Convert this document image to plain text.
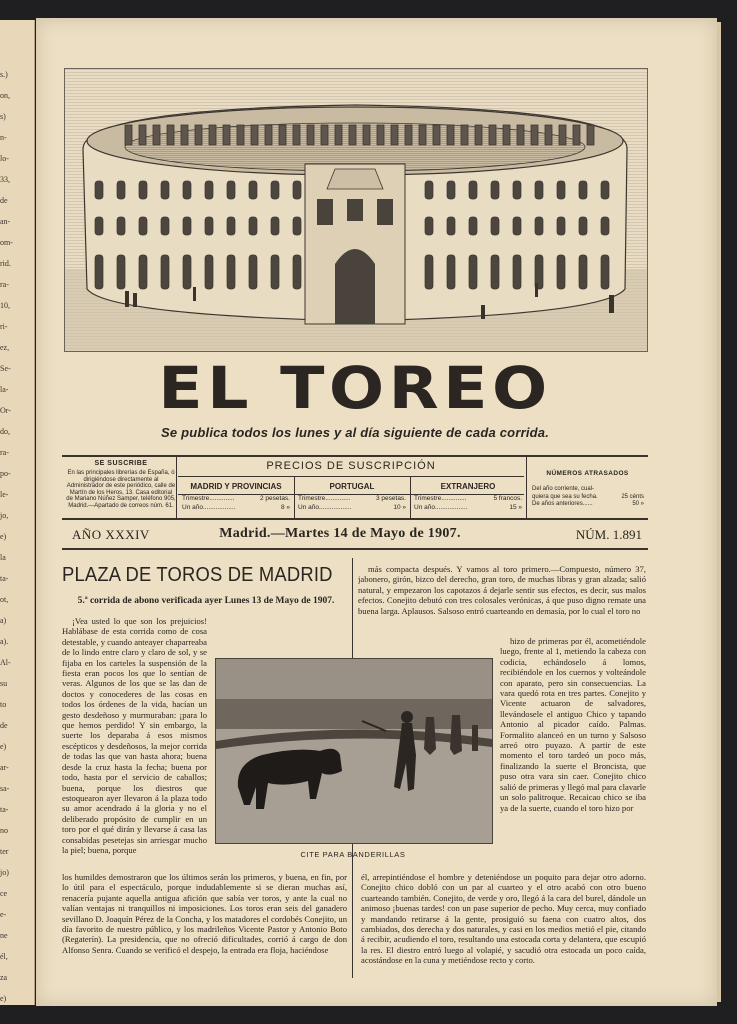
s.)
on,
s)
n-
lo-
33,
de
an-
om-
rid.
ra-
10,
ri-
ez,
Se-
la-
Or-
do,
ra-
po-
le-
jo,
e)
la
ta-
ot,
a)
a).
Al-
su
to
de
e)
ar-
sa-
ta-
no
ter
jo)
ce
e-
ne
él,
za
e)
EL TOREO
Se publica todos los lunes y al día siguiente de cada corrida.
SE SUSCRIBE
En las principales librerías de España, ó dirigiéndose directamente al Administrador de este periódico, calle de Martín de los Heros, 13. Casa editorial de Mariano Núñez Samper, teléfono 905, Madrid.—Apartado de correos núm. 61.
PRECIOS DE SUSCRIPCIÓN
MADRID Y PROVINCIAS
Trimestre..............	2 pesetas.
Un año..................	8 »
PORTUGAL
Trimestre..............	3 pesetas.
Un año..................	10 »
EXTRANJERO
Trimestre..............	5 francos.
Un año..................	15 »
NÚMEROS ATRASADOS
Del año corriente, cual-
quiera que sea su fecha.	25 cénts
De años anteriores......	50 »
AÑO XXXIV	Madrid.—Martes 14 de Mayo de 1907.	NÚM. 1.891
PLAZA DE TOROS DE MADRID
5.ª corrida de abono verificada ayer Lunes 13 de Mayo de 1907.

¡Vea usted lo que son los prejuicios! Hablábase de esta corrida como de cosa detestable, y cuando anteayer chaparreaba de lo lindo entre claro y claro de sol, y se fijaba en los carteles la suspensión de la fiesta eran pocos los que lo sentían de veras. Algunos de los que se las dan de doctos y conocederes de las cosas en todos los órdenes de la vida, hacían un gesto desdeñoso y murmuraban: ¡para lo que hemos perdido! Y sin embargo, la suerte los deparaba á esos mismos escépticos y desdeñosos, la mejor corrida de todas las que van hasta ahora; buena desde la cruz hasta la fecha; buena por todo, hasta por el servicio de caballos; buena, porque los diestros que estoquearon ayer llevaron á la plaza todo su amor acendrado á la gloria y no el deliberado propósito de cumplir en un toro por el qué dirán y llevarse á casa las consabidas pesetejas sin arriesgar mucho la piel; buena, porque

los humildes demostraron que los últimos serán los primeros, y buena, en fin, por lo útil para el espectáculo, porque indudablemente si se dieran muchas así, renacería pujante aquella antigua afición que sabía ver toros, y ante la cual no valían ventajas ni tranquillos ni imposiciones. Los toros eran seis del ganadero sevillano D. Joaquín Pérez de la Concha, y los matadores el cordobés Conejito, un día favorito de nuestro público, y los madrileños Vicente Pastor y Antonio Boto (Regaterín). La presidencia, que no ofreció dificultades, corrió á cargo de don Alfonso Senra. Cuando se verificó el despejo, la entrada era floja, haciéndose

él, arrepintiéndose el hombre y deteniéndose un poquito para dejar otro adorno. Conejito chico dobló con un par al cuarteo y el otro acabó con otro bueno cuarteando también. Conejito, de verde y oro, llegó á la cara del burel, dándole un animoso ¡buenas tardes! con un pase superior de pecho. Muy cerca, muy confiado y mandando retirarse á la gente, prosiguió su faena con cuatro altos, dos cambiados, dos derecha y dos naturales, y casi en los medios metió el pie, citando á recibir, acudiendo el toro, resultando una estocada corta y delantera, que escupió la res. El diestro entró luego al volapié, y sacudió otra estocada un poco caída, acostándose en la cuna y metiéndose recto y corto.

más compacta después. Y vamos al toro primero.—Compuesto, número 37, jabonero, girón, bizco del derecho, gran toro, de muchas libras y gran alzada; salió natural, y empezaron los capotazos á dejarle sentir sus efectos, es decir, sus malos efectos. Conejito debutó con tres colosales verónicas, á que puso digno remate una buena larga. Aplausos. Salsoso entró cuarteando en demasía, por lo cual el toro no

hizo de primeras por él, acometiéndole luego, frente al 1, metiendo la cabeza con codicia, echándoselo á lomos, recibiéndole en los cuernos y volteándole con aparato, pero sin consecuencias. La vara quedó rota en tres partes. Conejito y Vicente actuaron de salvadores, llevándosele el antiguo Chico y tapando Antonio al picador caído. Palmas. Formalito alanceó en un turno y Salsoso arreó otro puyazo. A partir de este momento el toro tardeó un poco más, finalizando la suerte el Broncista, que puso otra vara sin caer. Conejito chico salió de primeras y llegó mal para clavarle un solo palitroque. Recaicao chico se iba ya de la suerte, cuando el toro hizo por

CITE PARA BANDERILLAS
